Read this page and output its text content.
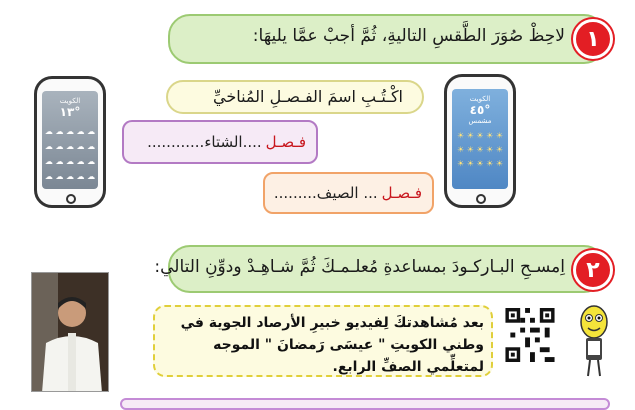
لاحِظْ صُوَرَ الطَّقسِ التاليةِ، ثُمَّ أجبْ عمَّا يليهَا: ١
الكويت
١٣°
☁ ☁ ☁ ☁ ☁
☁ ☁ ☁ ☁ ☁
☁ ☁ ☁ ☁ ☁
☁ ☁ ☁ ☁ ☁
الكويت
٤٥°
مشمس
☀ ☀ ☀ ☀ ☀
☀ ☀ ☀ ☀ ☀
☀ ☀ ☀ ☀ ☀
اكْـتُـبِ اسمَ الفـصـلِ المُناخيِّ
فـصـل
....الشتاء............
فـصـل
... الصيف.........
اِمسـحِ البـاركـودَ بمساعدةِ مُعلـمـكَ ثُمَّ شـاهِـدْ ودوِّنِ التالي: ٢
بعد مُشاهدتكَ لِفيديو خبيرِ الأرصاد الجوية في وطني الكويتِ " عيسَى رَمضانَ " الموجه لمتعلِّمي الصفِّ الرابع.
